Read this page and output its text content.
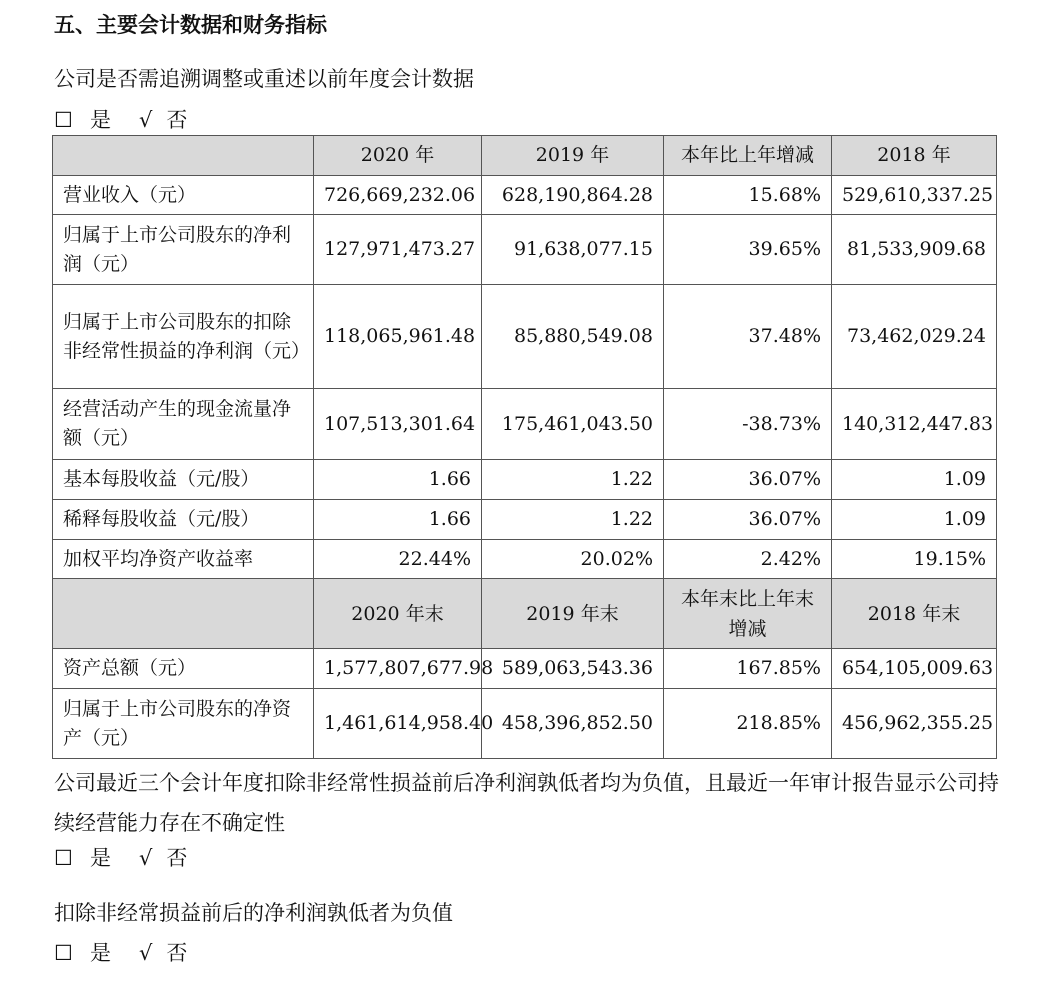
五、主要会计数据和财务指标
公司是否需追溯调整或重述以前年度会计数据
☐ 是 √ 否
	2020 年	2019 年	本年比上年增减	2018 年
营业收入（元）	726,669,232.06	628,190,864.28	15.68%	529,610,337.25
归属于上市公司股东的净利润（元）	127,971,473.27	91,638,077.15	39.65%	81,533,909.68
归属于上市公司股东的扣除非经常性损益的净利润（元）	118,065,961.48	85,880,549.08	37.48%	73,462,029.24
经营活动产生的现金流量净额（元）	107,513,301.64	175,461,043.50	-38.73%	140,312,447.83
基本每股收益（元/股）	1.66	1.22	36.07%	1.09
稀释每股收益（元/股）	1.66	1.22	36.07%	1.09
加权平均净资产收益率	22.44%	20.02%	2.42%	19.15%
	2020 年末	2019 年末	本年末比上年末增减	2018 年末
资产总额（元）	1,577,807,677.98	589,063,543.36	167.85%	654,105,009.63
归属于上市公司股东的净资产（元）	1,461,614,958.40	458,396,852.50	218.85%	456,962,355.25
公司最近三个会计年度扣除非经常性损益前后净利润孰低者均为负值，且最近一年审计报告显示公司持续经营能力存在不确定性
☐ 是 √ 否
扣除非经常损益前后的净利润孰低者为负值
☐ 是 √ 否
